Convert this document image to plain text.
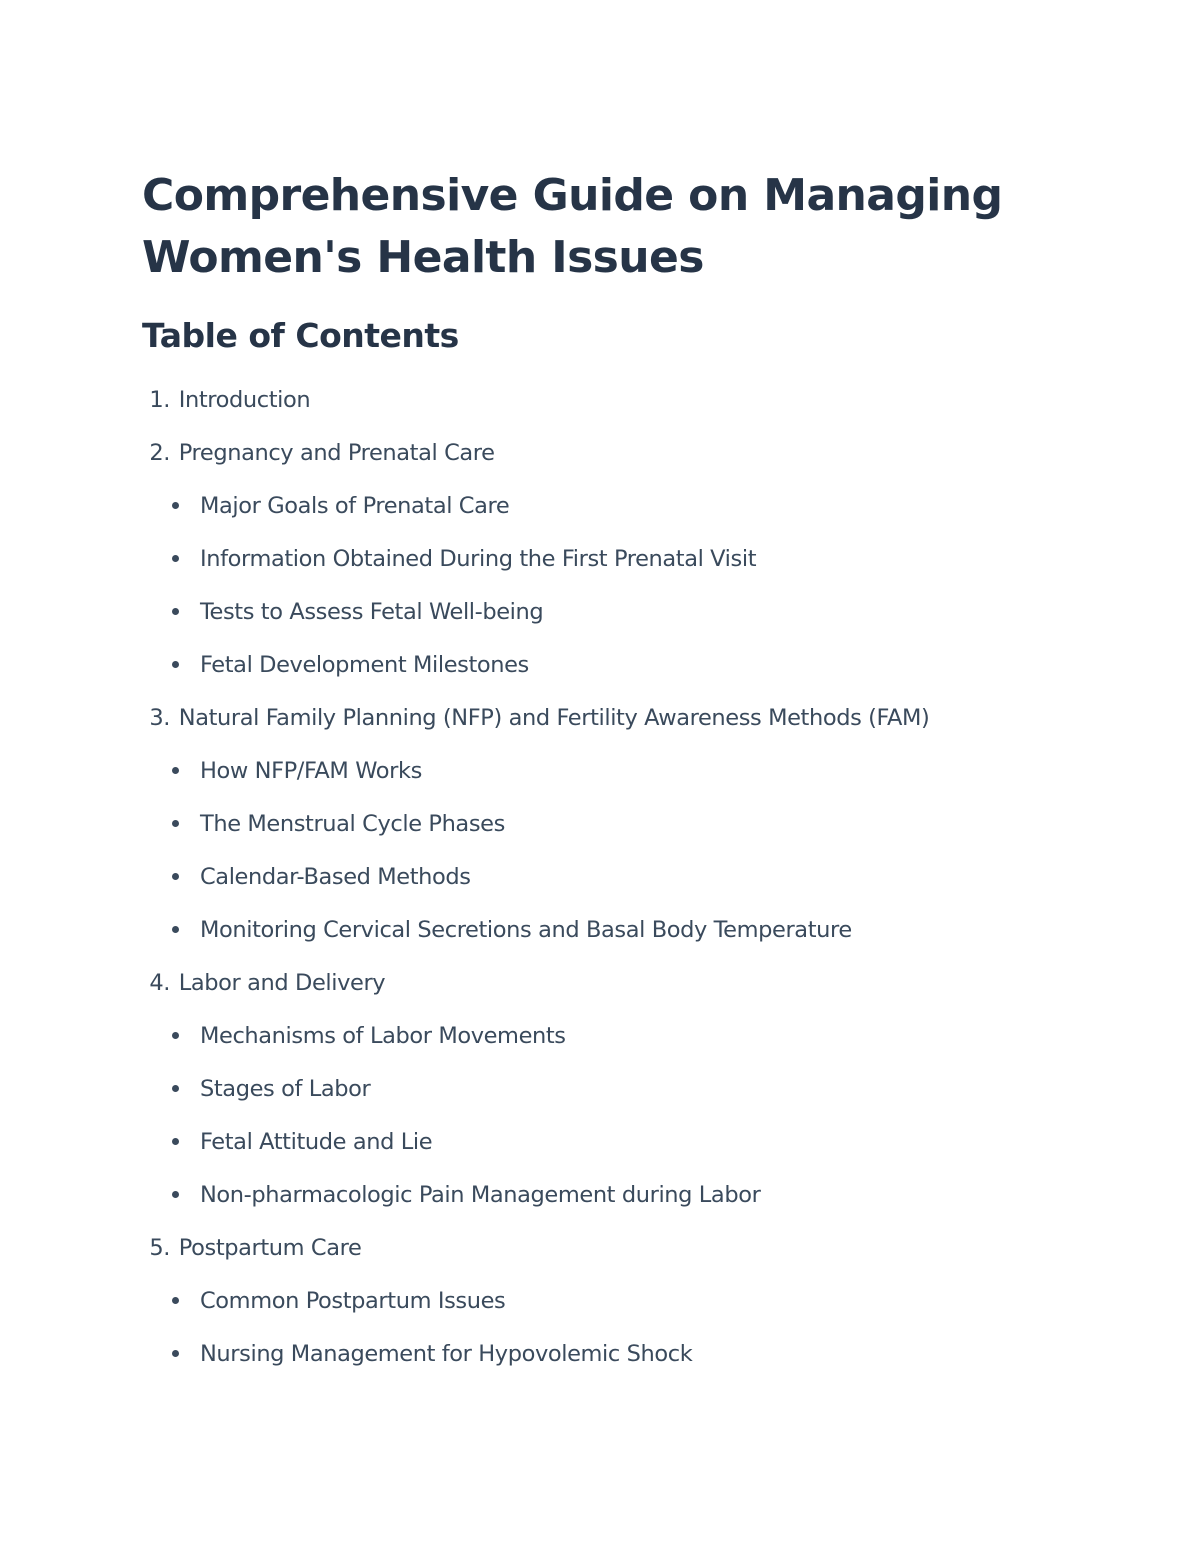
Comprehensive Guide on Managing
Women's Health Issues
Table of Contents
1.
Introduction
2.
Pregnancy and Prenatal Care
Major Goals of Prenatal Care
Information Obtained During the First Prenatal Visit
Tests to Assess Fetal Well-being
Fetal Development Milestones
3.
Natural Family Planning (NFP) and Fertility Awareness Methods (FAM)
How NFP/FAM Works
The Menstrual Cycle Phases
Calendar-Based Methods
Monitoring Cervical Secretions and Basal Body Temperature
4.
Labor and Delivery
Mechanisms of Labor Movements
Stages of Labor
Fetal Attitude and Lie
Non-pharmacologic Pain Management during Labor
5.
Postpartum Care
Common Postpartum Issues
Nursing Management for Hypovolemic Shock
